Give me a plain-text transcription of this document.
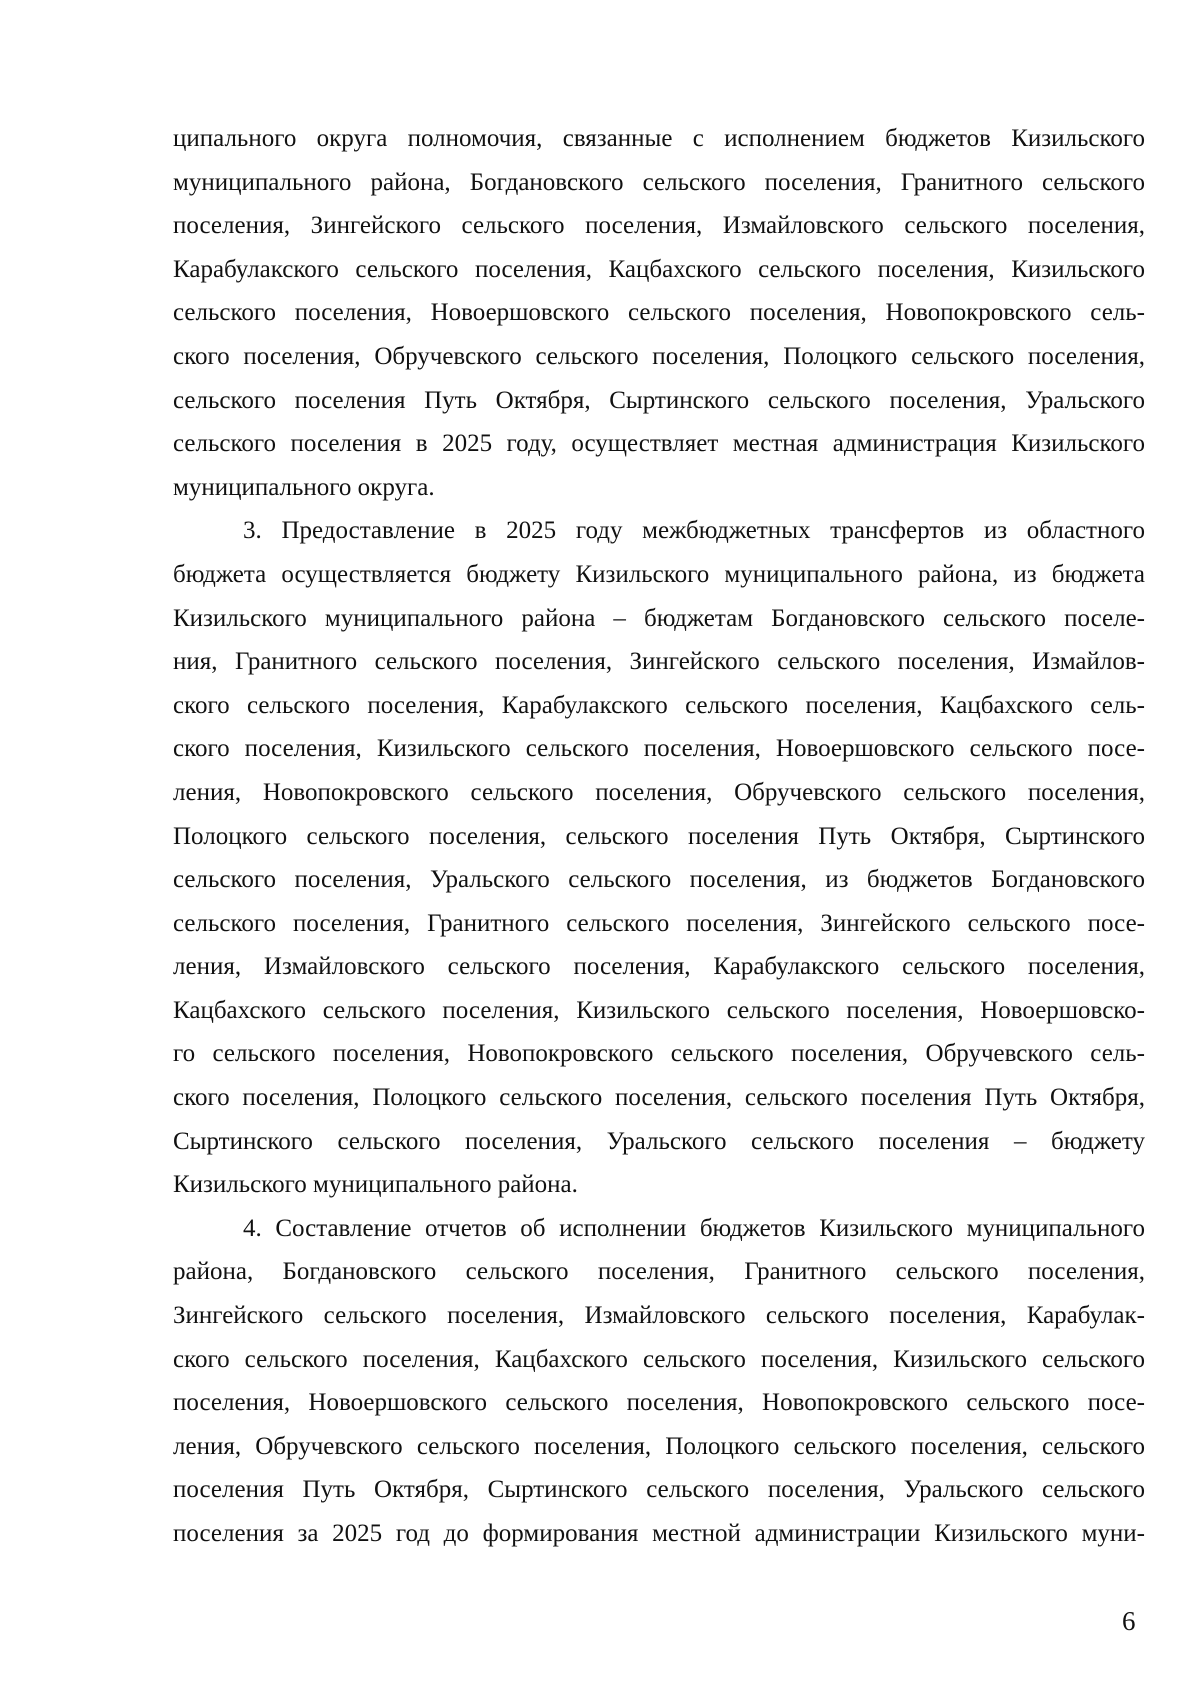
ципального округа полномочия, связанные с исполнением бюджетов Кизильского
муниципального района, Богдановского сельского поселения, Гранитного сельского
поселения, Зингейского сельского поселения, Измайловского сельского поселения,
Карабулакского сельского поселения, Кацбахского сельского поселения, Кизильского
сельского поселения, Новоершовского сельского поселения, Новопокровского сель-
ского поселения, Обручевского сельского поселения, Полоцкого сельского поселения,
сельского поселения Путь Октября, Сыртинского сельского поселения, Уральского
сельского поселения в 2025 году, осуществляет местная администрация Кизильского
муниципального округа.
3. Предоставление в 2025 году межбюджетных трансфертов из областного
бюджета осуществляется бюджету Кизильского муниципального района, из бюджета
Кизильского муниципального района – бюджетам Богдановского сельского поселе-
ния, Гранитного сельского поселения, Зингейского сельского поселения, Измайлов-
ского сельского поселения, Карабулакского сельского поселения, Кацбахского сель-
ского поселения, Кизильского сельского поселения, Новоершовского сельского посе-
ления, Новопокровского сельского поселения, Обручевского сельского поселения,
Полоцкого сельского поселения, сельского поселения Путь Октября, Сыртинского
сельского поселения, Уральского сельского поселения, из бюджетов Богдановского
сельского поселения, Гранитного сельского поселения, Зингейского сельского посе-
ления, Измайловского сельского поселения, Карабулакского сельского поселения,
Кацбахского сельского поселения, Кизильского сельского поселения, Новоершовско-
го сельского поселения, Новопокровского сельского поселения, Обручевского сель-
ского поселения, Полоцкого сельского поселения, сельского поселения Путь Октября,
Сыртинского сельского поселения, Уральского сельского поселения – бюджету
Кизильского муниципального района.
4. Составление отчетов об исполнении бюджетов Кизильского муниципального
района, Богдановского сельского поселения, Гранитного сельского поселения,
Зингейского сельского поселения, Измайловского сельского поселения, Карабулак-
ского сельского поселения, Кацбахского сельского поселения, Кизильского сельского
поселения, Новоершовского сельского поселения, Новопокровского сельского посе-
ления, Обручевского сельского поселения, Полоцкого сельского поселения, сельского
поселения Путь Октября, Сыртинского сельского поселения, Уральского сельского
поселения за 2025 год до формирования местной администрации Кизильского муни-
6
